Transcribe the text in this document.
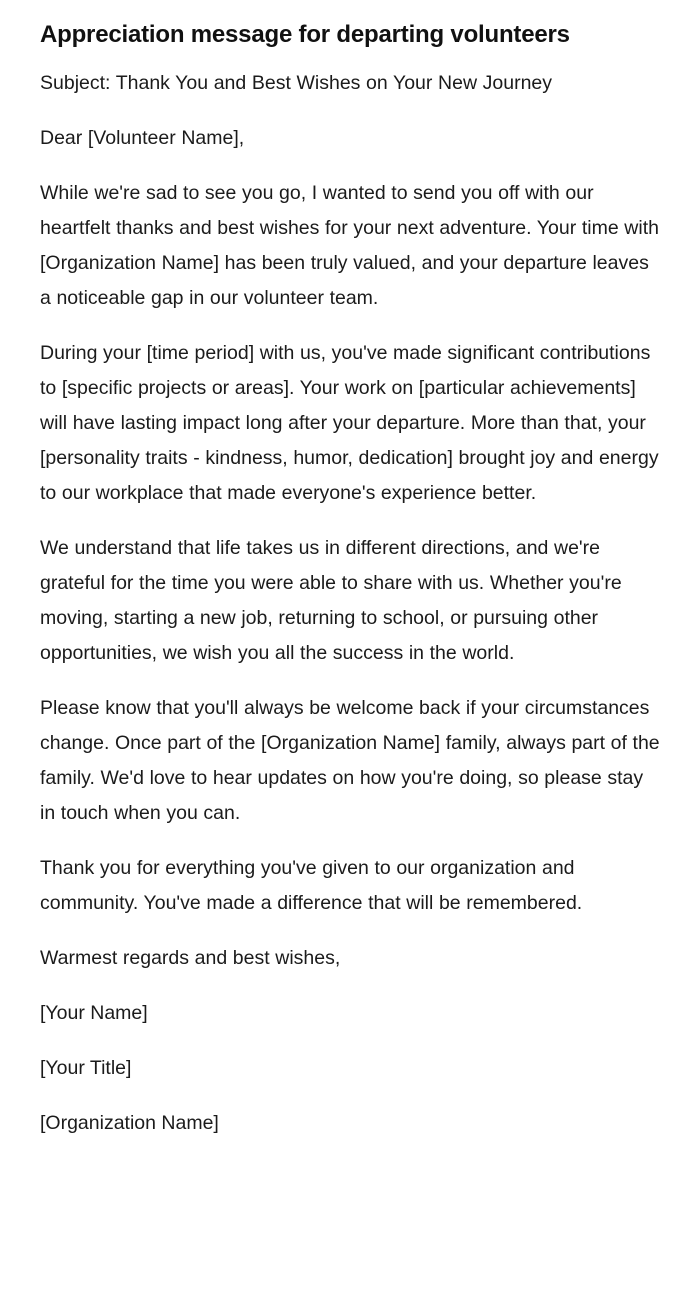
Appreciation message for departing volunteers

Subject: Thank You and Best Wishes on Your New Journey

Dear [Volunteer Name],

While we're sad to see you go, I wanted to send you off with our heartfelt thanks and best wishes for your next adventure. Your time with [Organization Name] has been truly valued, and your departure leaves a noticeable gap in our volunteer team.

During your [time period] with us, you've made significant contributions to [specific projects or areas]. Your work on [particular achievements] will have lasting impact long after your departure. More than that, your [personality traits - kindness, humor, dedication] brought joy and energy to our workplace that made everyone's experience better.

We understand that life takes us in different directions, and we're grateful for the time you were able to share with us. Whether you're moving, starting a new job, returning to school, or pursuing other opportunities, we wish you all the success in the world.

Please know that you'll always be welcome back if your circumstances change. Once part of the [Organization Name] family, always part of the family. We'd love to hear updates on how you're doing, so please stay in touch when you can.

Thank you for everything you've given to our organization and community. You've made a difference that will be remembered.

Warmest regards and best wishes,

[Your Name]

[Your Title]

[Organization Name]
